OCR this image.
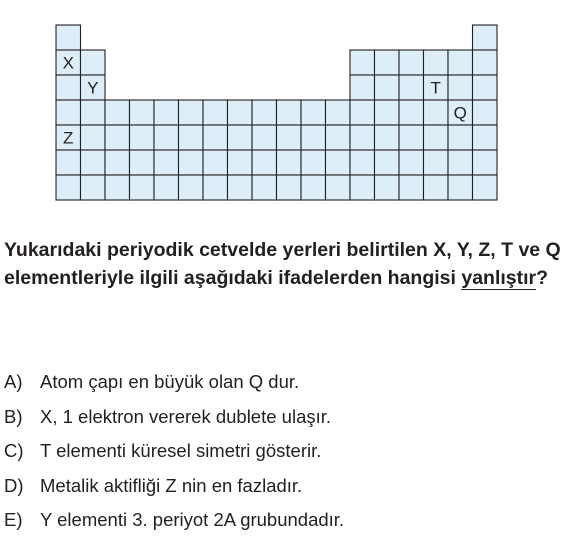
X
Y	T
Q
Z

Yukarıdaki periyodik cetvelde yerleri belirtilen X, Y, Z, T ve Q elementleriyle ilgili aşağıdaki ifadelerden hangisi yanlıştır?

A) Atom çapı en büyük olan Q dur.
B) X, 1 elektron vererek dublete ulaşır.
C) T elementi küresel simetri gösterir.
D) Metalik aktifliği Z nin en fazladır.
E) Y elementi 3. periyot 2A grubundadır.
